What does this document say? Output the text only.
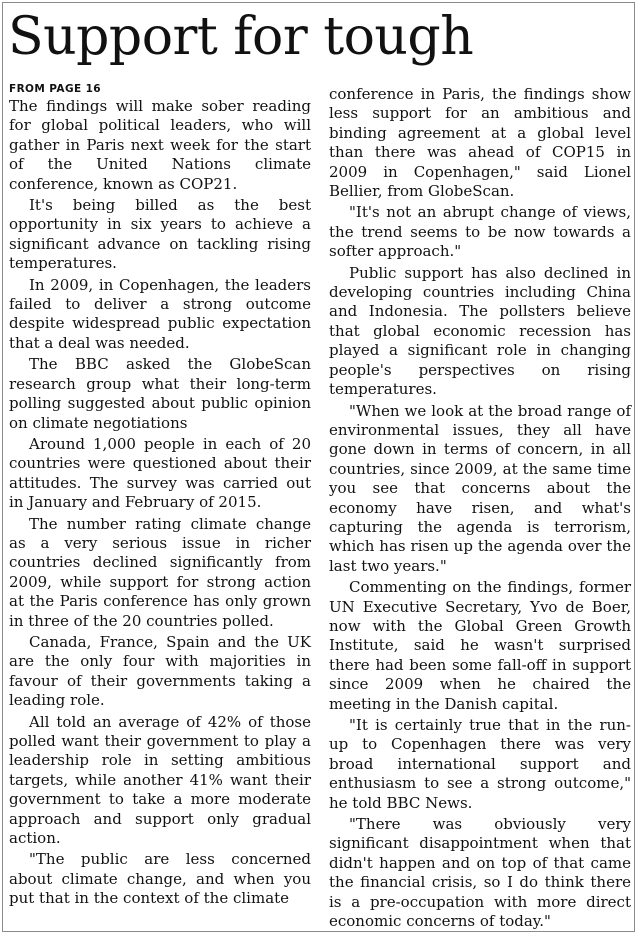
Support for tough
FROM PAGE 16

The findings will make sober reading for global political leaders, who will gather in Paris next week for the start of the United Nations climate conference, known as COP21.

It's being billed as the best opportunity in six years to achieve a significant advance on tackling rising temperatures.

In 2009, in Copenhagen, the leaders failed to deliver a strong outcome despite widespread public expectation that a deal was needed.

The BBC asked the GlobeScan research group what their long-term polling suggested about public opinion on climate negotiations

Around 1,000 people in each of 20 countries were questioned about their attitudes. The survey was carried out in January and February of 2015.

The number rating climate change as a very serious issue in richer countries declined significantly from 2009, while support for strong action at the Paris conference has only grown in three of the 20 countries polled.

Canada, France, Spain and the UK are the only four with majorities in favour of their governments taking a leading role.

All told an average of 42% of those polled want their government to play a leadership role in setting ambitious targets, while another 41% want their government to take a more moderate approach and support only gradual action.

"The public are less concerned about climate change, and when you put that in the context of the climate

conference in Paris, the findings show less support for an ambitious and binding agreement at a global level than there was ahead of COP15 in 2009 in Copenhagen," said Lionel Bellier, from GlobeScan.

"It's not an abrupt change of views, the trend seems to be now towards a softer approach."

Public support has also declined in developing countries including China and Indonesia. The pollsters believe that global economic recession has played a significant role in changing people's perspectives on rising temperatures.

"When we look at the broad range of environmental issues, they all have gone down in terms of concern, in all countries, since 2009, at the same time you see that concerns about the economy have risen, and what's capturing the agenda is terrorism, which has risen up the agenda over the last two years."

Commenting on the findings, former UN Executive Secretary, Yvo de Boer, now with the Global Green Growth Institute, said he wasn't surprised there had been some fall-off in support since 2009 when he chaired the meeting in the Danish capital.

"It is certainly true that in the run-up to Copenhagen there was very broad international support and enthusiasm to see a strong outcome," he told BBC News.

"There was obviously very significant disappointment when that didn't happen and on top of that came the financial crisis, so I do think there is a pre-occupation with more direct economic concerns of today."
